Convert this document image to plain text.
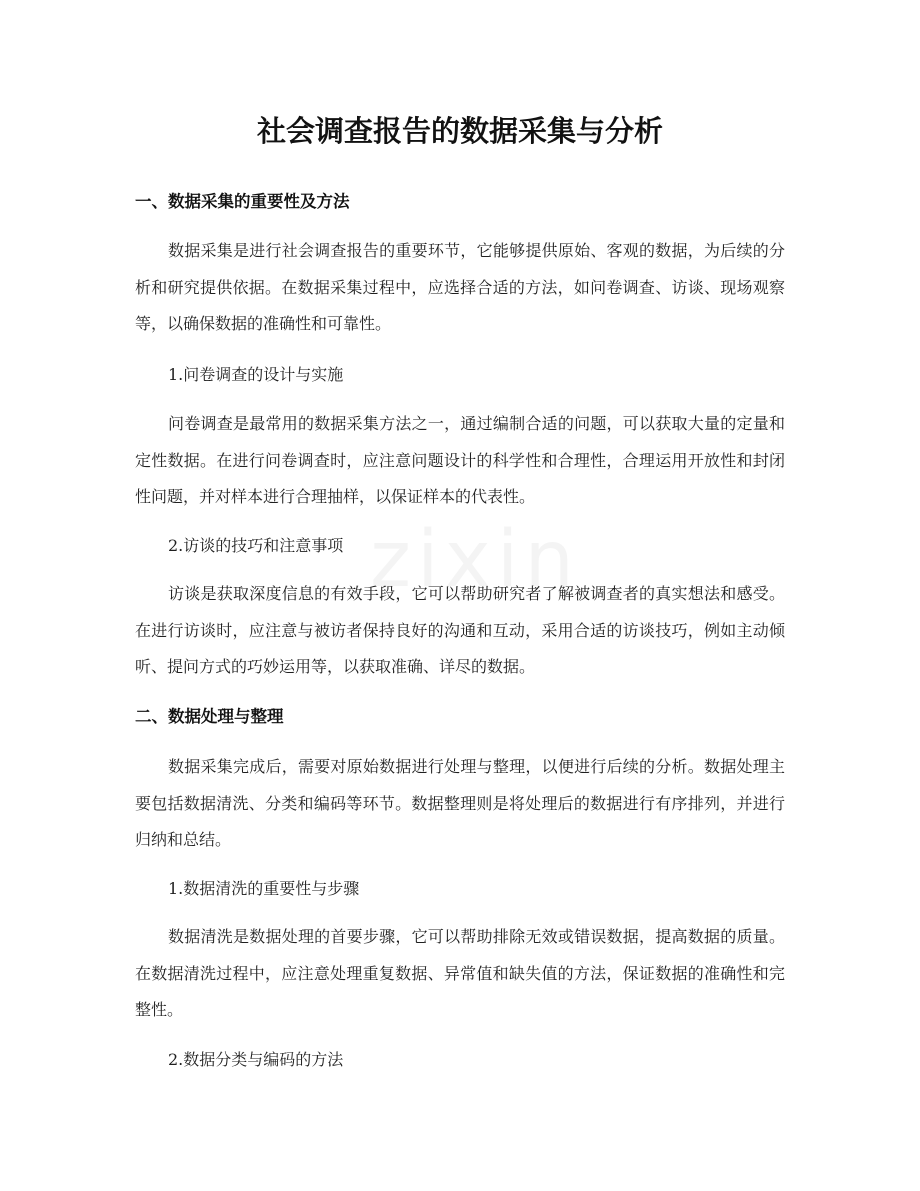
社会调查报告的数据采集与分析
一、数据采集的重要性及方法

数据采集是进行社会调查报告的重要环节，它能够提供原始、客观的数据，为后续的分析和研究提供依据。在数据采集过程中，应选择合适的方法，如问卷调查、访谈、现场观察等，以确保数据的准确性和可靠性。

1.问卷调查的设计与实施

问卷调查是最常用的数据采集方法之一，通过编制合适的问题，可以获取大量的定量和定性数据。在进行问卷调查时，应注意问题设计的科学性和合理性，合理运用开放性和封闭性问题，并对样本进行合理抽样，以保证样本的代表性。

2.访谈的技巧和注意事项

访谈是获取深度信息的有效手段，它可以帮助研究者了解被调查者的真实想法和感受。在进行访谈时，应注意与被访者保持良好的沟通和互动，采用合适的访谈技巧，例如主动倾听、提问方式的巧妙运用等，以获取准确、详尽的数据。

二、数据处理与整理

数据采集完成后，需要对原始数据进行处理与整理，以便进行后续的分析。数据处理主要包括数据清洗、分类和编码等环节。数据整理则是将处理后的数据进行有序排列，并进行归纳和总结。

1.数据清洗的重要性与步骤

数据清洗是数据处理的首要步骤，它可以帮助排除无效或错误数据，提高数据的质量。在数据清洗过程中，应注意处理重复数据、异常值和缺失值的方法，保证数据的准确性和完整性。

2.数据分类与编码的方法
